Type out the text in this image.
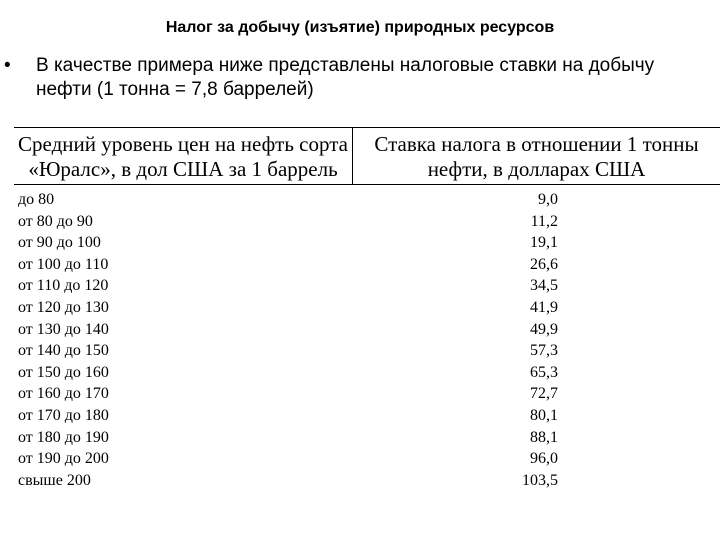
Налог за добычу (изъятие) природных ресурсов
•	В качестве примера ниже представлены налоговые ставки на добычу
нефти (1 тонна = 7,8 баррелей)
Средний уровень цен на нефть сорта «Юралс», в дол США за 1 баррель	Ставка налога в отношении 1 тонны нефти, в долларах США
до 80	9,0

от 80 до 90	11,2

от 90 до 100	19,1

от 100 до 110	26,6

от 110 до 120	34,5

от 120 до 130	41,9

от 130 до 140	49,9

от 140 до 150	57,3

от 150 до 160	65,3

от 160 до 170	72,7

от 170 до 180	80,1

от 180 до 190	88,1

от 190 до 200	96,0

свыше 200	103,5
